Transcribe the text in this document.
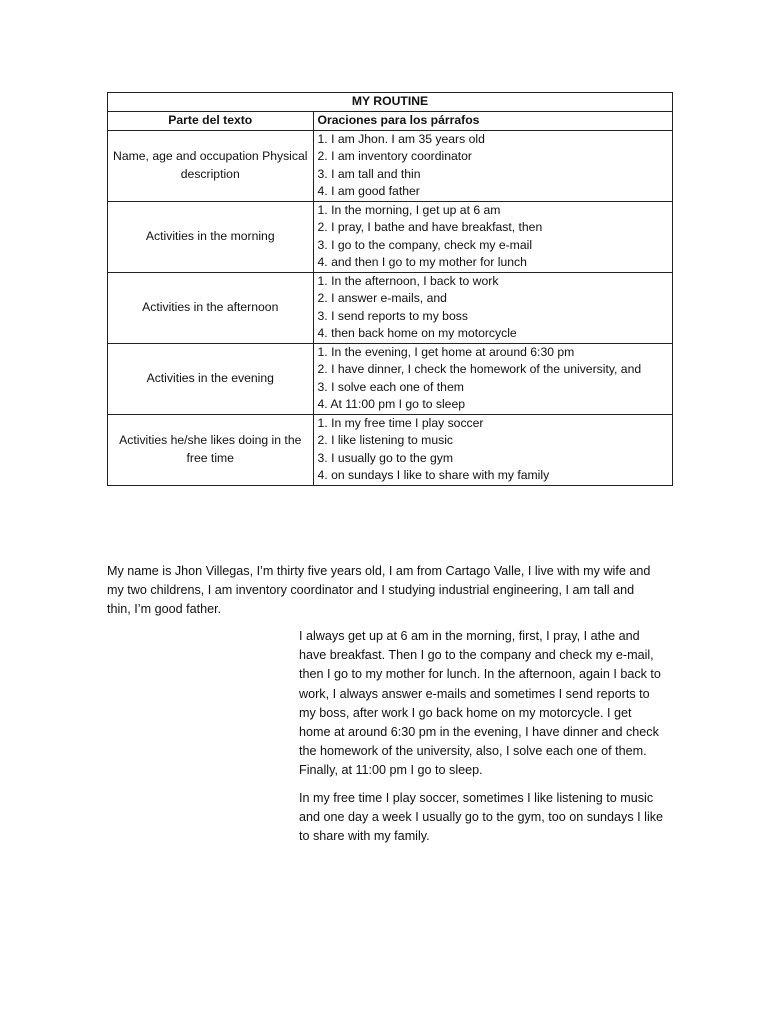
MY ROUTINE	
Parte del texto	Oraciones para los párrafos
Name, age and occupation Physical description	1. I am Jhon. I am 35 years old
2. I am inventory coordinator
3. I am tall and thin
4. I am good father

Activities in the morning	1. In the morning, I get up at 6 am
2. I pray, I bathe and have breakfast, then
3. I go to the company, check my e-mail
4. and then I go to my mother for lunch

Activities in the afternoon	1. In the afternoon, I back to work
2. I answer e-mails, and
3. I send reports to my boss
4. then back home on my motorcycle

Activities in the evening	1. In the evening, I get home at around 6:30 pm
2. I have dinner, I check the homework of the university, and
3. I solve each one of them
4. At 11:00 pm I go to sleep

Activities he/she likes doing in the free time	1. In my free time I play soccer
2. I like listening to music
3. I usually go to the gym
4. on sundays I like to share with my family

My name is Jhon Villegas, I’m thirty five years old, I am from Cartago Valle, I live with my wife and my two childrens, I am inventory coordinator and I studying industrial engineering, I am tall and thin, I’m good father.

I always get up at 6 am in the morning, first, I pray, I athe and have breakfast. Then I go to the company and check my e-mail, then I go to my mother for lunch. In the afternoon, again I back to work, I always answer e-mails and sometimes I send reports to my boss, after work I go back home on my motorcycle. I get home at around 6:30 pm in the evening, I have dinner and check the homework of the university, also, I solve each one of them. Finally, at 11:00 pm I go to sleep.

In my free time I play soccer, sometimes I like listening to music and one day a week I usually go to the gym, too on sundays I like to share with my family.
